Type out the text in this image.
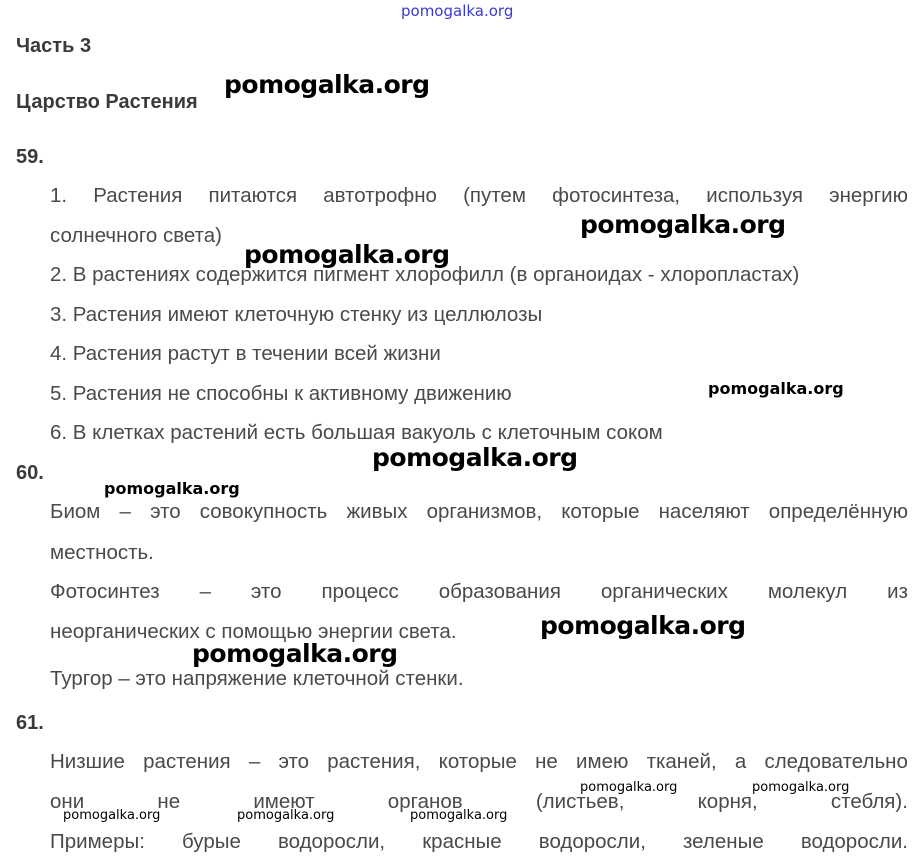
pomogalka.org
Часть 3
Царство Растения
pomogalka.org
59.
1. Растения питаются автотрофно (путем фотосинтеза, используя энергию
солнечного света)	pomogalka.org
2. В растениях содержится пигмент хлорофилл (в органоидах - хлоропластах)
pomogalka.org
3. Растения имеют клеточную стенку из целлюлозы
4. Растения растут в течении всей жизни
5. Растения не способны к активному движению	pomogalka.org
6. В клетках растений есть большая вакуоль с клеточным соком
60.
pomogalka.org
pomogalka.org
Биом – это совокупность живых организмов, которые населяют определённую
местность.
Фотосинтез – это процесс образования органических молекул из
неорганических с помощью энергии света.	pomogalka.org
pomogalka.org
Тургор – это напряжение клеточной стенки.
61.
Низшие растения – это растения, которые не имею тканей, а следовательно
pomogalka.org	pomogalka.org
они	не	имеют	органов	(листьев,	корня,	стебля).
pomogalka.org	pomogalka.org	pomogalka.org
Примеры: бурые водоросли, красные водоросли, зеленые водоросли.
